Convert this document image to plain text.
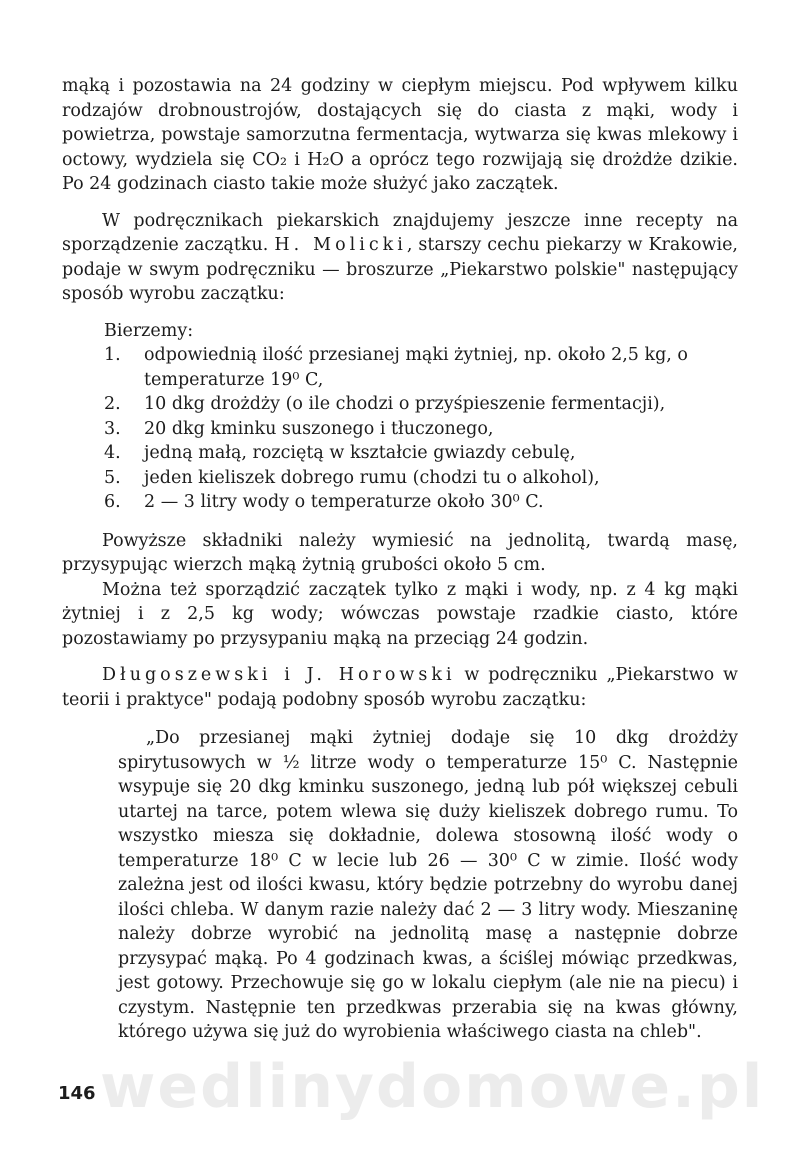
wedlinydomowe.pl

mąką i pozostawia na 24 godziny w ciepłym miejscu. Pod wpływem kilku rodzajów drobnoustrojów, dostających się do ciasta z mąki, wody i powietrza, powstaje samorzutna fermentacja, wytwarza się kwas mlekowy i octowy, wydziela się CO₂ i H₂O a oprócz tego rozwijają się drożdże dzikie. Po 24 godzinach ciasto takie może służyć jako zaczątek.

W podręcznikach piekarskich znajdujemy jeszcze inne recepty na sporządzenie zaczątku. H. Molicki, starszy cechu piekarzy w Krakowie, podaje w swym podręczniku — broszurze „Piekarstwo polskie" następujący sposób wyrobu zaczątku:

Bierzemy:

1.	odpowiednią ilość przesianej mąki żytniej, np. około 2,5 kg, o temperaturze 19⁰ C,
2.	10 dkg drożdży (o ile chodzi o przyśpieszenie fermentacji),
3.	20 dkg kminku suszonego i tłuczonego,
4.	jedną małą, rozciętą w kształcie gwiazdy cebulę,
5.	jeden kieliszek dobrego rumu (chodzi tu o alkohol),
6.	2 — 3 litry wody o temperaturze około 30⁰ C.

Powyższe składniki należy wymiesić na jednolitą, twardą masę, przysypując wierzch mąką żytnią grubości około 5 cm.

Można też sporządzić zaczątek tylko z mąki i wody, np. z 4 kg mąki żytniej i z 2,5 kg wody; wówczas powstaje rzadkie ciasto, które pozostawiamy po przysypaniu mąką na przeciąg 24 godzin.

Długoszewski i J. Horowski w podręczniku „Piekarstwo w teorii i praktyce" podają podobny sposób wyrobu zaczątku:

„Do przesianej mąki żytniej dodaje się 10 dkg drożdży spirytusowych w ½ litrze wody o temperaturze 15⁰ C. Następnie wsypuje się 20 dkg kminku suszonego, jedną lub pół większej cebuli utartej na tarce, potem wlewa się duży kieliszek dobrego rumu. To wszystko miesza się dokładnie, dolewa stosowną ilość wody o temperaturze 18⁰ C w lecie lub 26 — 30⁰ C w zimie. Ilość wody zależna jest od ilości kwasu, który będzie potrzebny do wyrobu danej ilości chleba. W danym razie należy dać 2 — 3 litry wody. Mieszaninę należy dobrze wyrobić na jednolitą masę a następnie dobrze przysypać mąką. Po 4 godzinach kwas, a ściślej mówiąc przedkwas, jest gotowy. Przechowuje się go w lokalu ciepłym (ale nie na piecu) i czystym. Następnie ten przedkwas przerabia się na kwas główny, którego używa się już do wyrobienia właściwego ciasta na chleb".

146
